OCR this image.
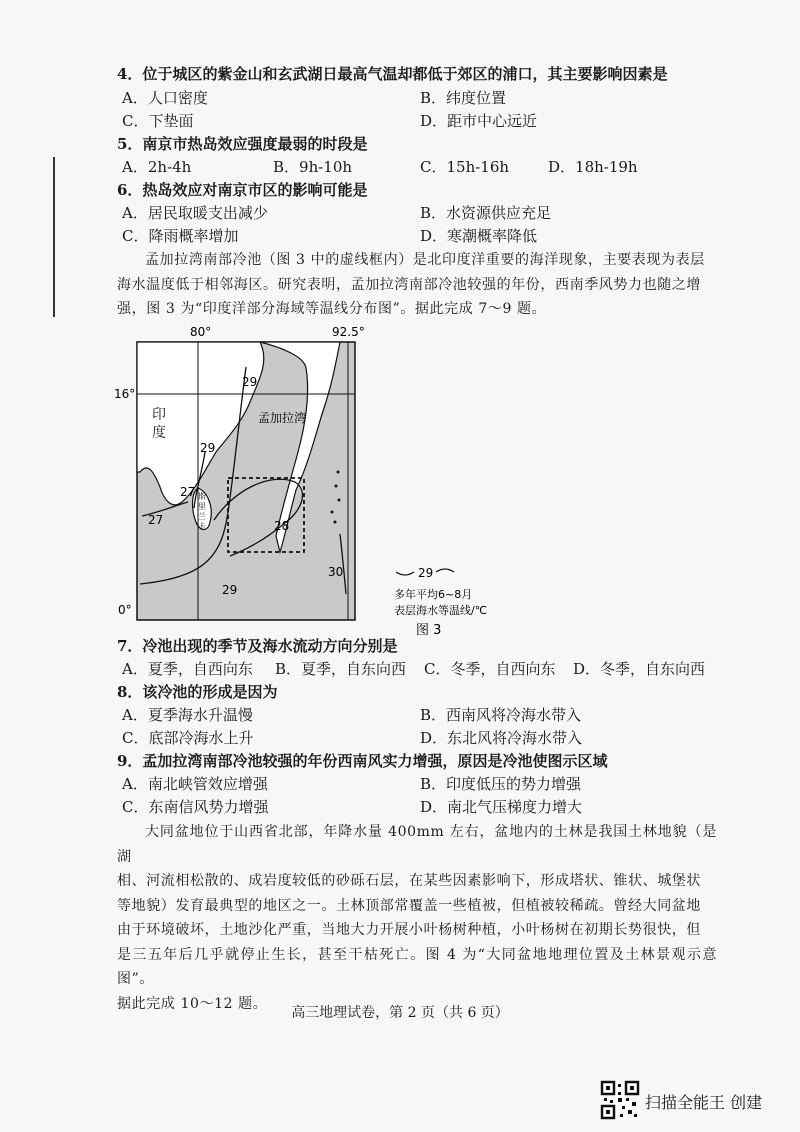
4．位于城区的紫金山和玄武湖日最高气温却都低于郊区的浦口，其主要影响因素是
A．人口密度	B．纬度位置
C．下垫面	D．距市中心远近
5．南京市热岛效应强度最弱的时段是
A．2h-4h	B．9h-10h	C．15h-16h	D．18h-19h
6．热岛效应对南京市区的影响可能是
A．居民取暖支出减少	B．水资源供应充足
C．降雨概率增加	D．寒潮概率降低

孟加拉湾南部冷池（图 3 中的虚线框内）是北印度洋重要的海洋现象，主要表现为表层

海水温度低于相邻海区。研究表明，孟加拉湾南部冷池较强的年份，西南季风势力也随之增

强，图 3 为“印度洋部分海域等温线分布图”。据此完成 7～9 题。

80°	92.5°
16°
0°
29
29
27
27	28
29
30
孟加拉湾
29
多年平均6~8月
表层海水等温线/℃
图 3
印度
斯里兰卡
7．冷池出现的季节及海水流动方向分别是
A．夏季，自西向东 B．夏季，自东向西 C．冬季，自西向东 D．冬季，自东向西
8．该冷池的形成是因为
A．夏季海水升温慢	B．西南风将冷海水带入
C．底部冷海水上升	D．东北风将冷海水带入
9．孟加拉湾南部冷池较强的年份西南风实力增强，原因是冷池使图示区域
A．南北峡管效应增强	B．印度低压的势力增强
C．东南信风势力增强	D．南北气压梯度力增大

大同盆地位于山西省北部，年降水量 400mm 左右，盆地内的土林是我国土林地貌（是湖

相、河流相松散的、成岩度较低的砂砾石层，在某些因素影响下，形成塔状、锥状、城堡状

等地貌）发育最典型的地区之一。土林顶部常覆盖一些植被，但植被较稀疏。曾经大同盆地

由于环境破坏，土地沙化严重，当地大力开展小叶杨树种植，小叶杨树在初期长势很快，但

是三五年后几乎就停止生长，甚至干枯死亡。图 4 为“大同盆地地理位置及土林景观示意图”。

据此完成 10～12 题。

高三地理试卷，第 2 页（共 6 页）
扫描全能王 创建
